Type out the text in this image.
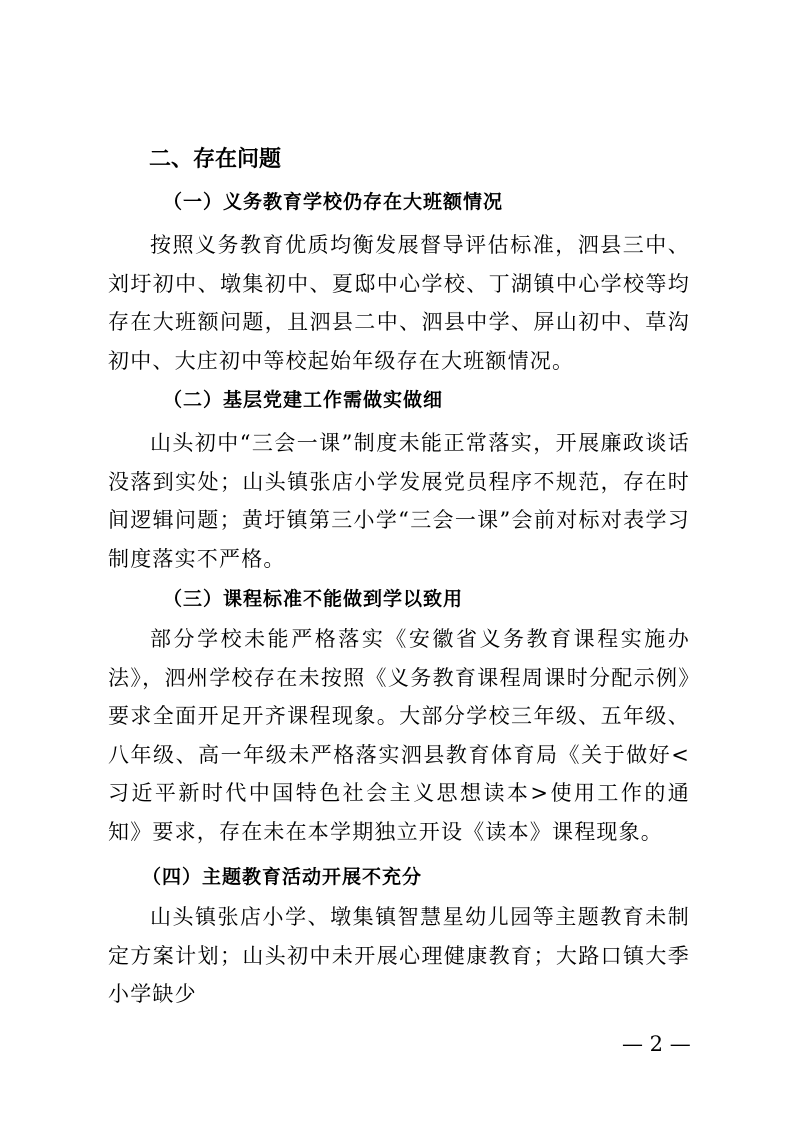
二、存在问题
（一）义务教育学校仍存在大班额情况
按照义务教育优质均衡发展督导评估标准，泗县三中、刘圩初中、墩集初中、夏邸中心学校、丁湖镇中心学校等均存在大班额问题，且泗县二中、泗县中学、屏山初中、草沟初中、大庄初中等校起始年级存在大班额情况。
（二）基层党建工作需做实做细
山头初中“三会一课”制度未能正常落实，开展廉政谈话没落到实处；山头镇张店小学发展党员程序不规范，存在时间逻辑问题；黄圩镇第三小学“三会一课”会前对标对表学习制度落实不严格。
（三）课程标准不能做到学以致用
部分学校未能严格落实《安徽省义务教育课程实施办法》，泗州学校存在未按照《义务教育课程周课时分配示例》要求全面开足开齐课程现象。大部分学校三年级、五年级、八年级、高一年级未严格落实泗县教育体育局《关于做好<习近平新时代中国特色社会主义思想读本>使用工作的通知》要求，存在未在本学期独立开设《读本》课程现象。
（四）主题教育活动开展不充分
山头镇张店小学、墩集镇智慧星幼儿园等主题教育未制定方案计划；山头初中未开展心理健康教育；大路口镇大季小学缺少
— 2 —
